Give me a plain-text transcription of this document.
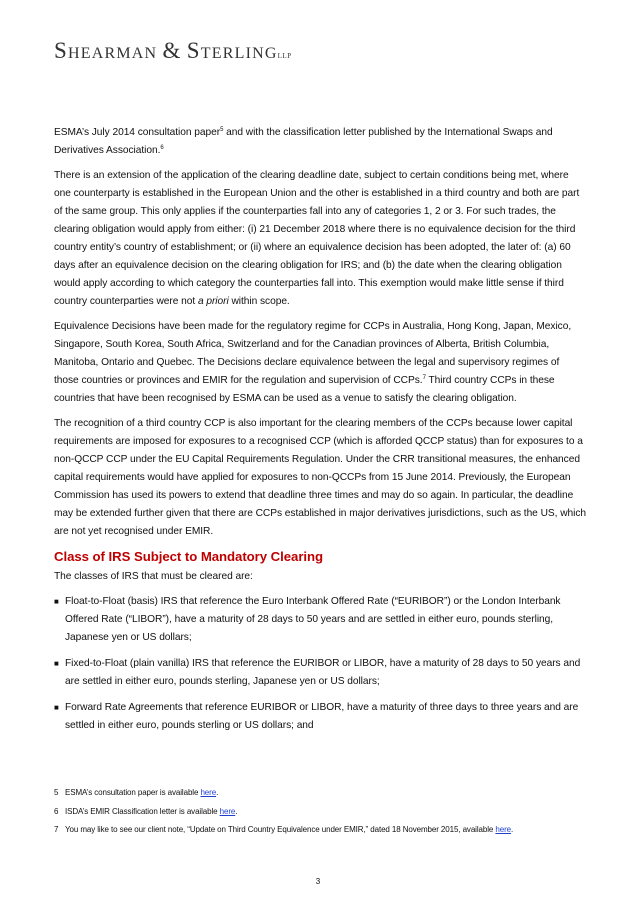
SHEARMAN & STERLINGLLP

ESMA’s July 2014 consultation paper$^5$ and with the classification letter published by the International Swaps and Derivatives Association.$^6$

There is an extension of the application of the clearing deadline date, subject to certain conditions being met, where one counterparty is established in the European Union and the other is established in a third country and both are part of the same group. This only applies if the counterparties fall into any of categories 1, 2 or 3. For such trades, the clearing obligation would apply from either: (i) 21 December 2018 where there is no equivalence decision for the third country entity’s country of establishment; or (ii) where an equivalence decision has been adopted, the later of: (a) 60 days after an equivalence decision on the clearing obligation for IRS; and (b) the date when the clearing obligation would apply according to which category the counterparties fall into. This exemption would make little sense if third country counterparties were not a priori within scope.

Equivalence Decisions have been made for the regulatory regime for CCPs in Australia, Hong Kong, Japan, Mexico, Singapore, South Korea, South Africa, Switzerland and for the Canadian provinces of Alberta, British Columbia, Manitoba, Ontario and Quebec. The Decisions declare equivalence between the legal and supervisory regimes of those countries or provinces and EMIR for the regulation and supervision of CCPs.$^7$ Third country CCPs in these countries that have been recognised by ESMA can be used as a venue to satisfy the clearing obligation.

The recognition of a third country CCP is also important for the clearing members of the CCPs because lower capital requirements are imposed for exposures to a recognised CCP (which is afforded QCCP status) than for exposures to a non-QCCP CCP under the EU Capital Requirements Regulation. Under the CRR transitional measures, the enhanced capital requirements would have applied for exposures to non-QCCPs from 15 June 2014. Previously, the European Commission has used its powers to extend that deadline three times and may do so again. In particular, the deadline may be extended further given that there are CCPs established in major derivatives jurisdictions, such as the US, which are not yet recognised under EMIR.

Class of IRS Subject to Mandatory Clearing

The classes of IRS that must be cleared are:

■ Float-to-Float (basis) IRS that reference the Euro Interbank Offered Rate (“EURIBOR”) or the London Interbank Offered Rate (“LIBOR”), have a maturity of 28 days to 50 years and are settled in either euro, pounds sterling, Japanese yen or US dollars;
■ Fixed-to-Float (plain vanilla) IRS that reference the EURIBOR or LIBOR, have a maturity of 28 days to 50 years and are settled in either euro, pounds sterling, Japanese yen or US dollars;
■ Forward Rate Agreements that reference EURIBOR or LIBOR, have a maturity of three days to three years and are settled in either euro, pounds sterling or US dollars; and
5 ESMA’s consultation paper is available here.
6 ISDA’s EMIR Classification letter is available here.
7 You may like to see our client note, “Update on Third Country Equivalence under EMIR,” dated 18 November 2015, available here.
3
